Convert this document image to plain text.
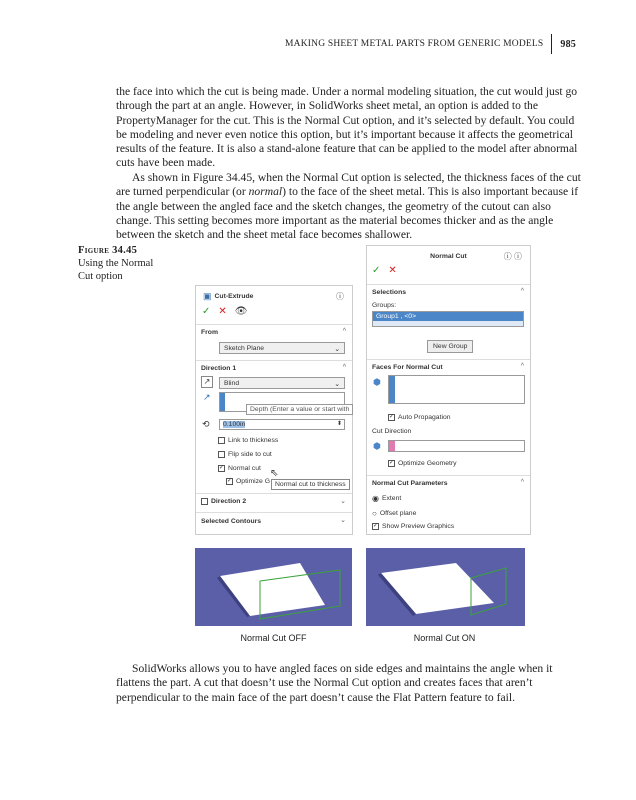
MAKING SHEET METAL PARTS FROM GENERIC MODELS 985

the face into which the cut is being made. Under a normal modeling situation, the cut would just go through the part at an angle. However, in SolidWorks sheet metal, an option is added to the PropertyManager for the cut. This is the Normal Cut option, and it’s selected by default. You could be modeling and never even notice this option, but it’s important because it affects the geometrical results of the feature. It is also a stand-alone feature that can be applied to the model after abnormal cuts have been made.

As shown in Figure 34.45, when the Normal Cut option is selected, the thickness faces of the cut are turned perpendicular (or normal) to the face of the sheet metal. This is also important because if the angle between the angled face and the sketch changes, the geometry of the cutout can also change. This setting becomes more important as the material becomes thicker and as the angle between the sketch and the sheet metal face becomes shallower.

Figure 34.45

Using the Normal Cut option
▣ Cut-Extrude	ⓘ
✓ ✕ 👁
From	^
Sketch Plane	⌄
Direction 1	^
↗	Blind	⌄
↗
Depth (Enter a value or start with
⟲	0.100in	⬍
Link to thickness
Flip side to cut
✓ Normal cut ⇖
✓ Optimize G Normal cut to thickness
Direction 2	⌄
Selected Contours	⌄
Normal Cut	ⓘ ⓘ
✓ ✕
Selections	^
Groups:
Group1 , <0>
New Group
Faces For Normal Cut	^
⬢
✓ Auto Propagation
Cut Direction
⬢
✓ Optimize Geometry
Normal Cut Parameters	^
◉ Extent
○ Offset plane
✓ Show Preview Graphics
Normal Cut OFF	Normal Cut ON

SolidWorks allows you to have angled faces on side edges and maintains the angle when it flattens the part. A cut that doesn’t use the Normal Cut option and creates faces that aren’t perpendicular to the main face of the part doesn’t cause the Flat Pattern feature to fail.
